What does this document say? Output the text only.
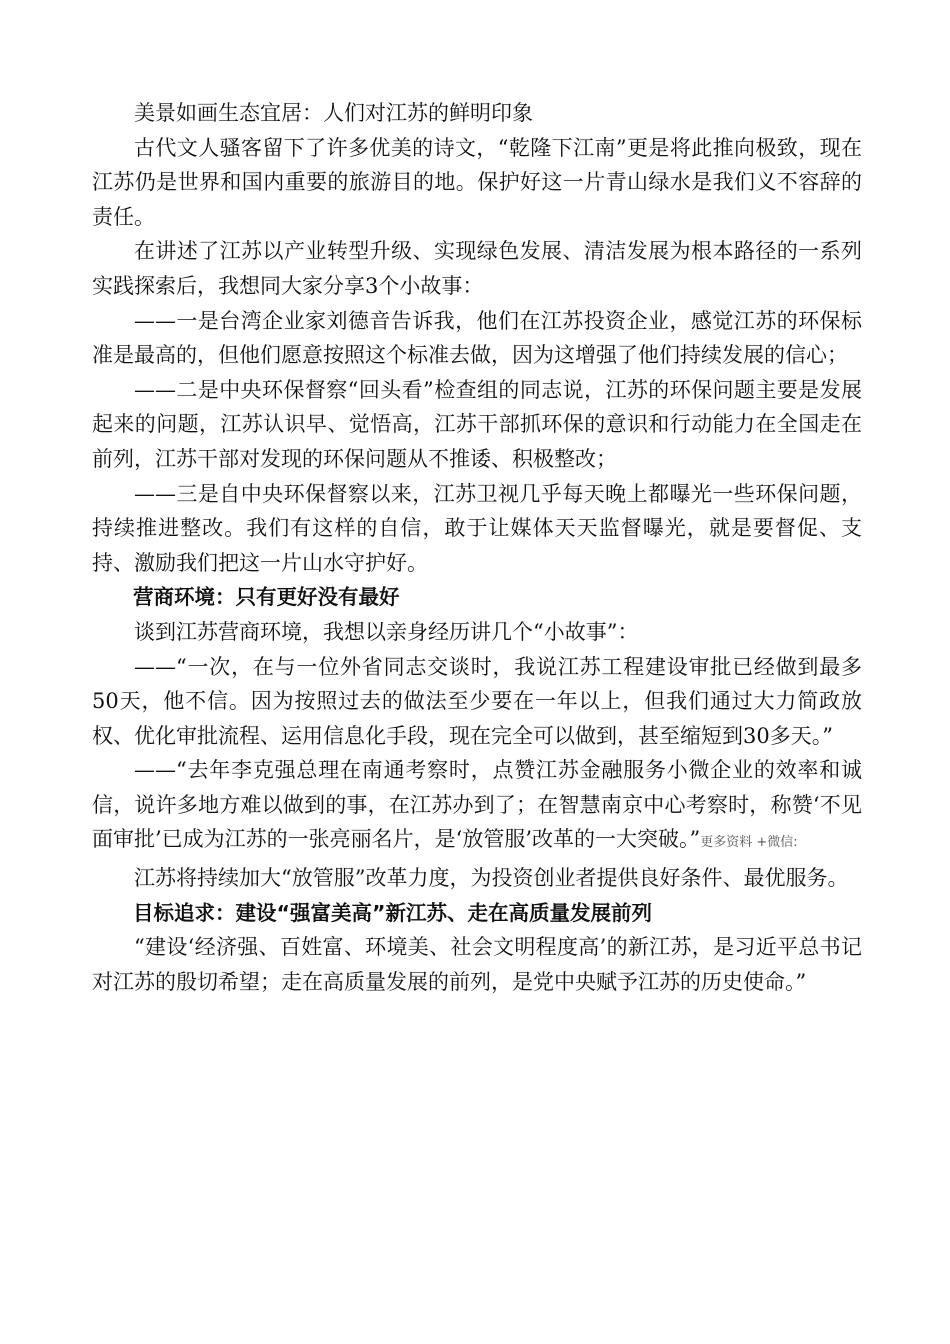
美景如画生态宜居：人们对江苏的鲜明印象

古代文人骚客留下了许多优美的诗文，“乾隆下江南”更是将此推向极致，现在江苏仍是世界和国内重要的旅游目的地。保护好这一片青山绿水是我们义不容辞的责任。

在讲述了江苏以产业转型升级、实现绿色发展、清洁发展为根本路径的一系列实践探索后，我想同大家分享3个小故事：

——一是台湾企业家刘德音告诉我，他们在江苏投资企业，感觉江苏的环保标准是最高的，但他们愿意按照这个标准去做，因为这增强了他们持续发展的信心；

——二是中央环保督察“回头看”检查组的同志说，江苏的环保问题主要是发展起来的问题，江苏认识早、觉悟高，江苏干部抓环保的意识和行动能力在全国走在前列，江苏干部对发现的环保问题从不推诿、积极整改；

——三是自中央环保督察以来，江苏卫视几乎每天晚上都曝光一些环保问题，持续推进整改。我们有这样的自信，敢于让媒体天天监督曝光，就是要督促、支持、激励我们把这一片山水守护好。

营商环境：只有更好没有最好

谈到江苏营商环境，我想以亲身经历讲几个“小故事”：

——“一次，在与一位外省同志交谈时，我说江苏工程建设审批已经做到最多50天，他不信。因为按照过去的做法至少要在一年以上，但我们通过大力简政放权、优化审批流程、运用信息化手段，现在完全可以做到，甚至缩短到30多天。”

——“去年李克强总理在南通考察时，点赞江苏金融服务小微企业的效率和诚信，说许多地方难以做到的事，在江苏办到了；在智慧南京中心考察时，称赞‘不见面审批’已成为江苏的一张亮丽名片，是‘放管服’改革的一大突破。”更多资料 +微信:

江苏将持续加大“放管服”改革力度，为投资创业者提供良好条件、最优服务。

目标追求：建设“强富美高”新江苏、走在高质量发展前列

“建设‘经济强、百姓富、环境美、社会文明程度高’的新江苏，是习近平总书记对江苏的殷切希望；走在高质量发展的前列，是党中央赋予江苏的历史使命。”
